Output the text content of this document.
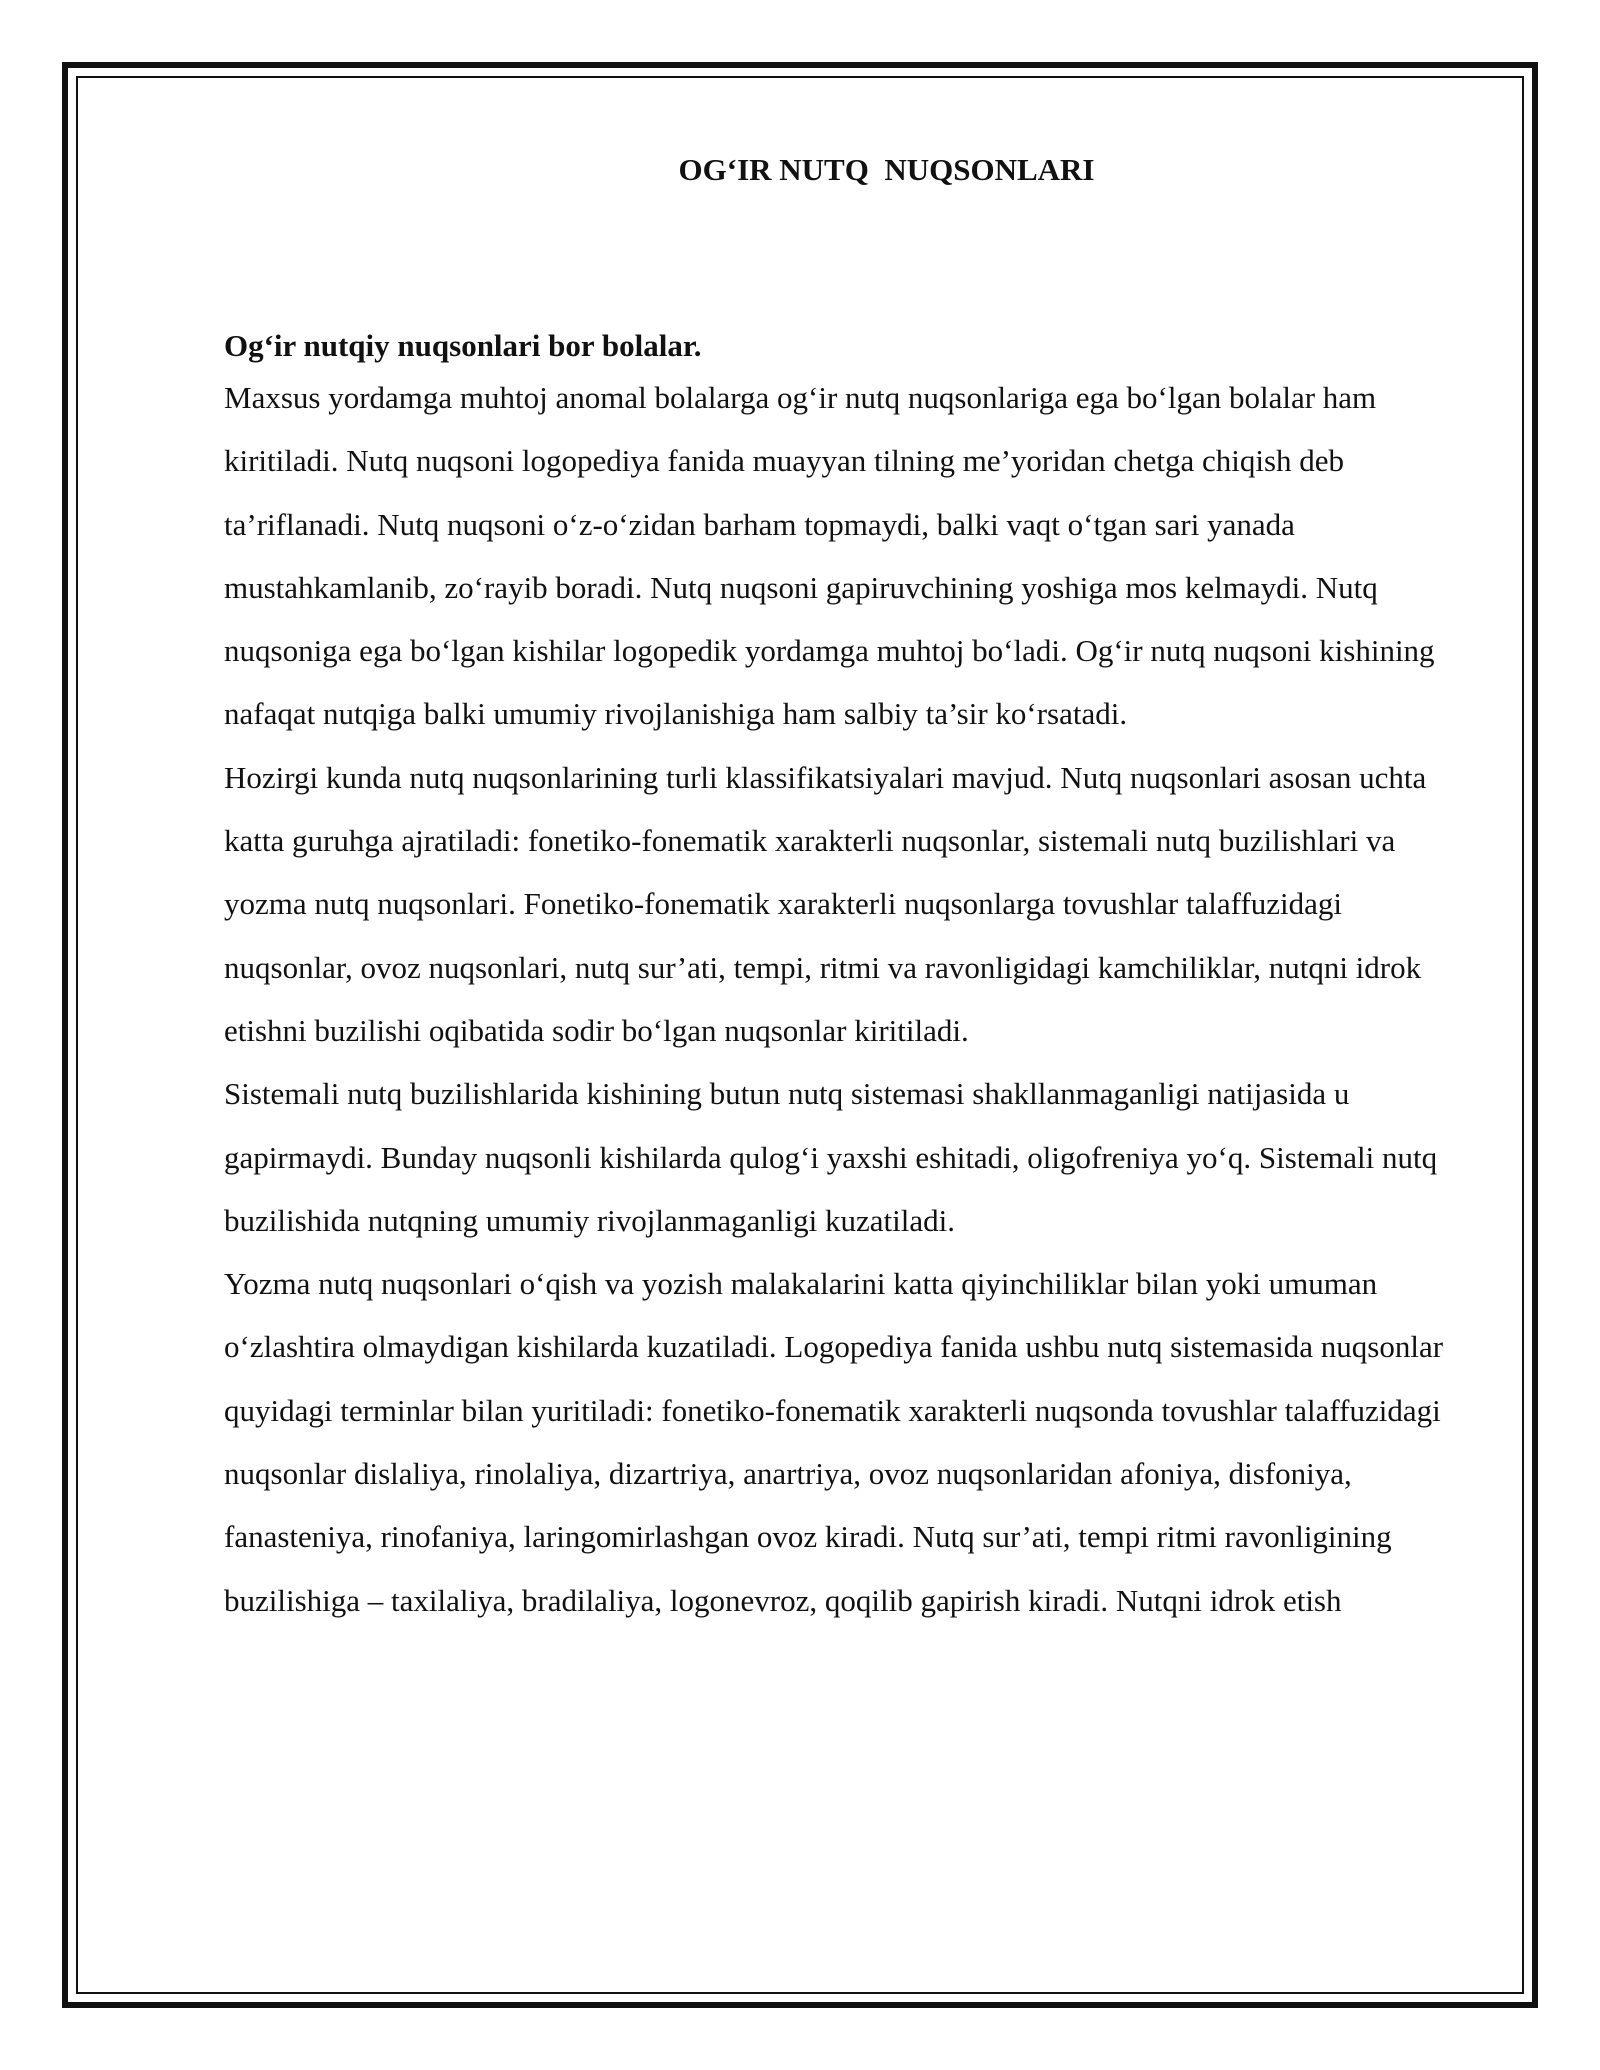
OG‘IR NUTQ  NUQSONLARI
Og‘ir nutqiy nuqsonlari bor bolalar.

Maxsus yordamga muhtoj anomal bolalarga og‘ir nutq nuqsonlariga ega bo‘lgan bolalar ham kiritiladi. Nutq nuqsoni logopediya fanida muayyan tilning me’yoridan chetga chiqish deb ta’riflanadi. Nutq nuqsoni o‘z-o‘zidan barham topmaydi, balki vaqt o‘tgan sari yanada mustahkamlanib, zo‘rayib boradi. Nutq nuqsoni gapiruvchining yoshiga mos kelmaydi. Nutq nuqsoniga ega bo‘lgan kishilar logopedik yordamga muhtoj bo‘ladi. Og‘ir nutq nuqsoni kishining nafaqat nutqiga balki umumiy rivojlanishiga ham salbiy ta’sir ko‘rsatadi.

Hozirgi kunda nutq nuqsonlarining turli klassifikatsiyalari mavjud. Nutq nuqsonlari asosan uchta katta guruhga ajratiladi: fonetiko-fonematik xarakterli nuqsonlar, sistemali nutq buzilishlari va yozma nutq nuqsonlari. Fonetiko-fonematik xarakterli nuqsonlarga tovushlar talaffuzidagi nuqsonlar, ovoz nuqsonlari, nutq sur’ati, tempi, ritmi va ravonligidagi kamchiliklar, nutqni idrok etishni buzilishi oqibatida sodir bo‘lgan nuqsonlar kiritiladi.

Sistemali nutq buzilishlarida kishining butun nutq sistemasi shakllanmaganligi natijasida u gapirmaydi. Bunday nuqsonli kishilarda qulog‘i yaxshi eshitadi, oligofreniya yo‘q. Sistemali nutq buzilishida nutqning umumiy rivojlanmaganligi kuzatiladi.

Yozma nutq nuqsonlari o‘qish va yozish malakalarini katta qiyinchiliklar bilan yoki umuman o‘zlashtira olmaydigan kishilarda kuzatiladi. Logopediya fanida ushbu nutq sistemasida nuqsonlar quyidagi terminlar bilan yuritiladi: fonetiko-fonematik xarakterli nuqsonda tovushlar talaffuzidagi nuqsonlar dislaliya, rinolaliya, dizartriya, anartriya, ovoz nuqsonlaridan afoniya, disfoniya, fanasteniya, rinofaniya, laringomirlashgan ovoz kiradi. Nutq sur’ati, tempi ritmi ravonligining buzilishiga – taxilaliya, bradilaliya, logonevroz, qoqilib gapirish kiradi. Nutqni idrok etish
